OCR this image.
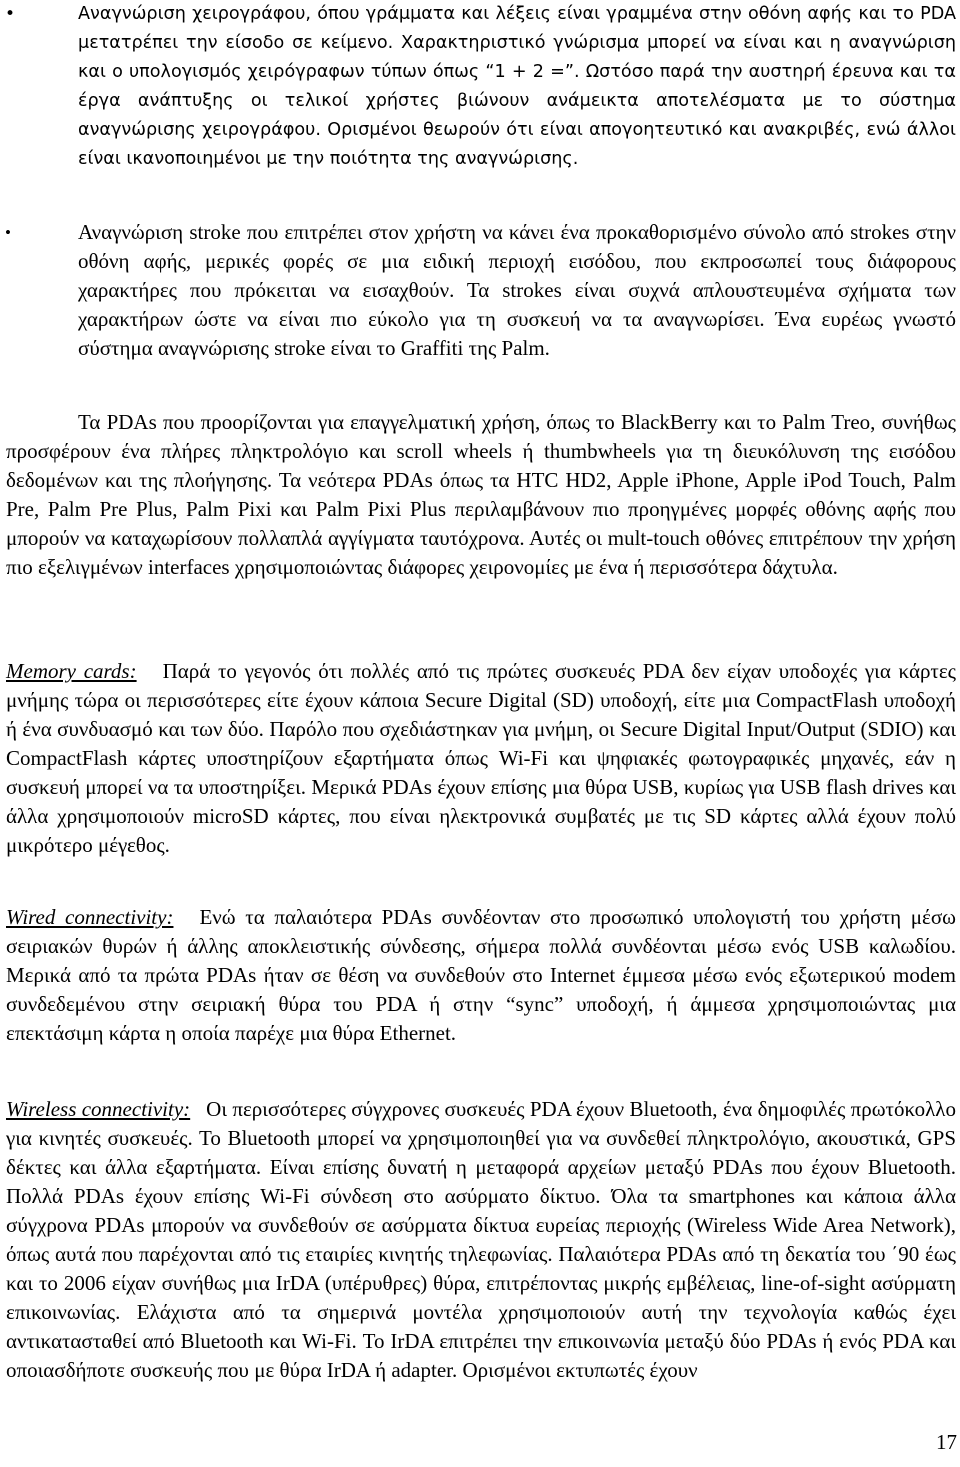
•	Αναγνώριση χειρογράφου, όπου γράμματα και λέξεις είναι γραμμένα στην οθόνη αφής και το PDA μετατρέπει την είσοδο σε κείμενο. Χαρακτηριστικό γνώρισμα μπορεί να είναι και η αναγνώριση και ο υπολογισμός χειρόγραφων τύπων όπως “1 + 2 =”. Ωστόσο παρά την αυστηρή έρευνα και τα έργα ανάπτυξης οι τελικοί χρήστες βιώνουν ανάμεικτα αποτελέσματα με το σύστημα αναγνώρισης χειρογράφου. Ορισμένοι θεωρούν ότι είναι απογοητευτικό και ανακριβές, ενώ άλλοι είναι ικανοποιημένοι με την ποιότητα της αναγνώρισης.

•	Αναγνώριση stroke που επιτρέπει στον χρήστη να κάνει ένα προκαθορισμένο σύνολο από strokes στην οθόνη αφής, μερικές φορές σε μια ειδική περιοχή εισόδου, που εκπροσωπεί τους διάφορους χαρακτήρες που πρόκειται να εισαχθούν. Τα strokes είναι συχνά απλουστευμένα σχήματα των χαρακτήρων ώστε να είναι πιο εύκολο για τη συσκευή να τα αναγνωρίσει. Ένα ευρέως γνωστό σύστημα αναγνώρισης stroke είναι το Graffiti της Palm.

Τα PDAs που προορίζονται για επαγγελματική χρήση, όπως το BlackBerry και το Palm Treo, συνήθως προσφέρουν ένα πλήρες πληκτρολόγιο και scroll wheels ή thumbwheels για τη διευκόλυνση της εισόδου δεδομένων και της πλοήγησης. Τα νεότερα PDAs όπως τα HTC HD2, Apple iPhone, Apple iPod Touch, Palm Pre, Palm Pre Plus, Palm Pixi και Palm Pixi Plus περιλαμβάνουν πιο προηγμένες μορφές οθόνης αφής που μπορούν να καταχωρίσουν πολλαπλά αγγίγματα ταυτόχρονα. Αυτές οι mult-touch οθόνες επιτρέπουν την χρήση πιο εξελιγμένων interfaces χρησιμοποιώντας διάφορες χειρονομίες με ένα ή περισσότερα δάχτυλα.

Memory cards: Παρά το γεγονός ότι πολλές από τις πρώτες συσκευές PDA δεν είχαν υποδοχές για κάρτες μνήμης τώρα οι περισσότερες είτε έχουν κάποια Secure Digital (SD) υποδοχή, είτε μια CompactFlash υποδοχή ή ένα συνδυασμό και των δύο. Παρόλο που σχεδιάστηκαν για μνήμη, οι Secure Digital Input/Output (SDIO) και CompactFlash κάρτες υποστηρίζουν εξαρτήματα όπως Wi-Fi και ψηφιακές φωτογραφικές μηχανές, εάν η συσκευή μπορεί να τα υποστηρίξει. Μερικά PDAs έχουν επίσης μια θύρα USB, κυρίως για USB flash drives και άλλα χρησιμοποιούν microSD κάρτες, που είναι ηλεκτρονικά συμβατές με τις SD κάρτες αλλά έχουν πολύ μικρότερο μέγεθος.

Wired connectivity: Ενώ τα παλαιότερα PDAs συνδέονταν στο προσωπικό υπολογιστή του χρήστη μέσω σειριακών θυρών ή άλλης αποκλειστικής σύνδεσης, σήμερα πολλά συνδέονται μέσω ενός USB καλωδίου. Μερικά από τα πρώτα PDAs ήταν σε θέση να συνδεθούν στο Internet έμμεσα μέσω ενός εξωτερικού modem συνδεδεμένου στην σειριακή θύρα του PDA ή στην “sync” υποδοχή, ή άμμεσα χρησιμοποιώντας μια επεκτάσιμη κάρτα η οποία παρέχε μια θύρα Ethernet.

Wireless connectivity: Οι περισσότερες σύγχρονες συσκευές PDA έχουν Bluetooth, ένα δημοφιλές πρωτόκολλο για κινητές συσκευές. Το Bluetooth μπορεί να χρησιμοποιηθεί για να συνδεθεί πληκτρολόγιο, ακουστικά, GPS δέκτες και άλλα εξαρτήματα. Είναι επίσης δυνατή η μεταφορά αρχείων μεταξύ PDAs που έχουν Bluetooth. Πολλά PDAs έχουν επίσης Wi-Fi σύνδεση στο ασύρματο δίκτυο. Όλα τα smartphones και κάποια άλλα σύγχρονα PDAs μπορούν να συνδεθούν σε ασύρματα δίκτυα ευρείας περιοχής (Wireless Wide Area Network), όπως αυτά που παρέχονται από τις εταιρίες κινητής τηλεφωνίας. Παλαιότερα PDAs από τη δεκατία του ΄90 έως και το 2006 είχαν συνήθως μια IrDA (υπέρυθρες) θύρα, επιτρέποντας μικρής εμβέλειας, line-of-sight ασύρματη επικοινωνίας. Ελάχιστα από τα σημερινά μοντέλα χρησιμοποιούν αυτή την τεχνολογία καθώς έχει αντικατασταθεί από Bluetooth και Wi-Fi. Το IrDA επιτρέπει την επικοινωνία μεταξύ δύο PDAs ή ενός PDA και οποιασδήποτε συσκευής που με θύρα IrDA ή adapter. Ορισμένοι εκτυπωτές έχουν

17
